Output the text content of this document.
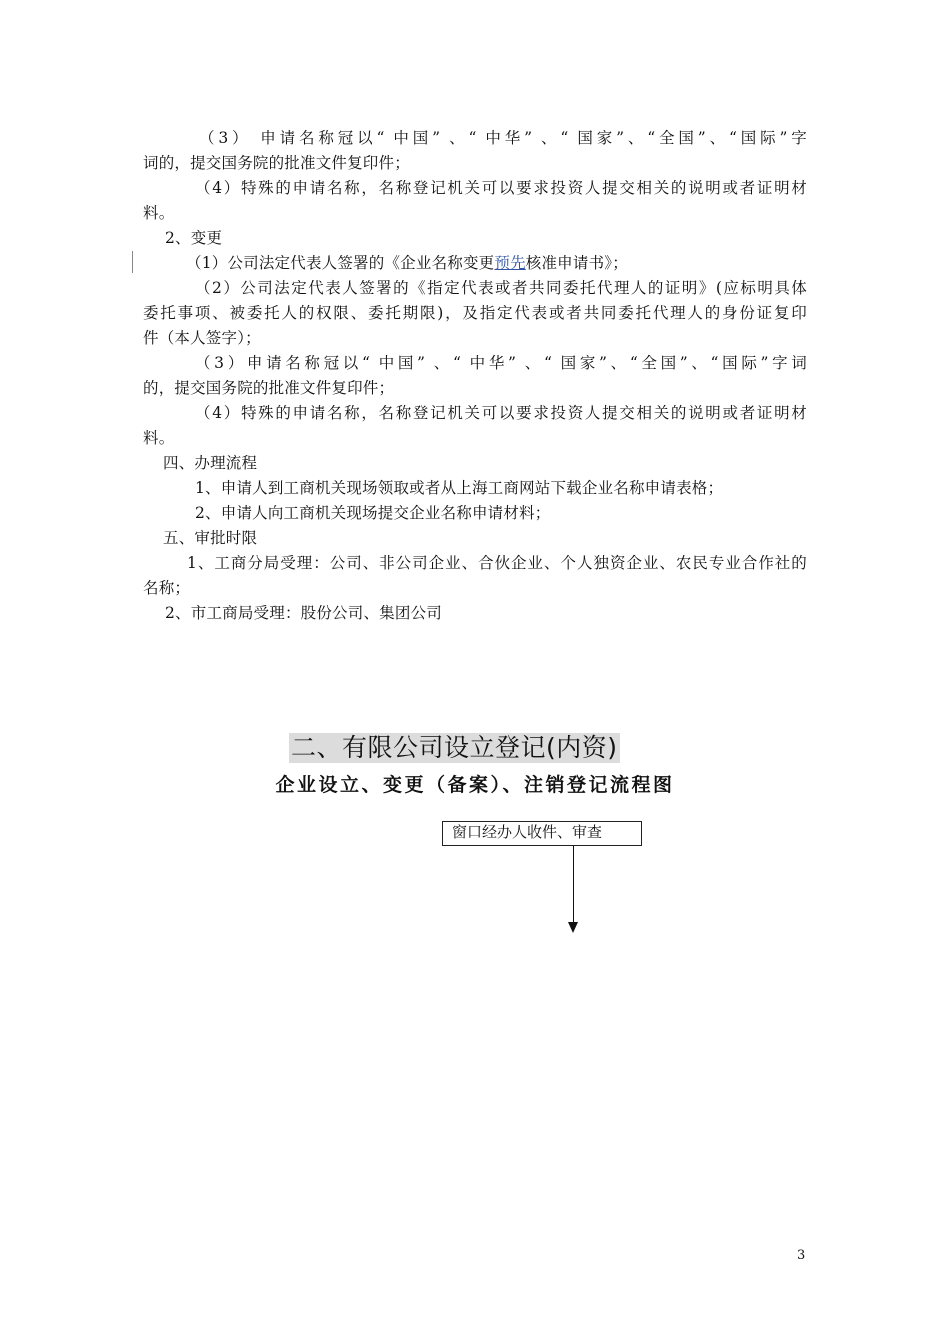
（3） 申请名称冠以“ 中国” 、“ 中华” 、“ 国家”、“全国”、“国际”字
词的，提交国务院的批准文件复印件；
（4）特殊的申请名称，名称登记机关可以要求投资人提交相关的说明或者证明材
料。
2、变更
（1）公司法定代表人签署的《企业名称变更预先核准申请书》；
（2）公司法定代表人签署的《指定代表或者共同委托代理人的证明》(应标明具体
委托事项、被委托人的权限、委托期限)，及指定代表或者共同委托代理人的身份证复印
件（本人签字）；
（3）申请名称冠以“ 中国” 、“ 中华” 、“ 国家”、“全国”、“国际”字词
的，提交国务院的批准文件复印件；
（4）特殊的申请名称，名称登记机关可以要求投资人提交相关的说明或者证明材
料。
四、办理流程
1、申请人到工商机关现场领取或者从上海工商网站下载企业名称申请表格；
2、申请人向工商机关现场提交企业名称申请材料；
五、审批时限
1、工商分局受理：公司、非公司企业、合伙企业、个人独资企业、农民专业合作社的
名称；
2、市工商局受理：股份公司、集团公司
二、有限公司设立登记(内资)
企业设立、变更（备案）、注销登记流程图
窗口经办人收件、审查
3
